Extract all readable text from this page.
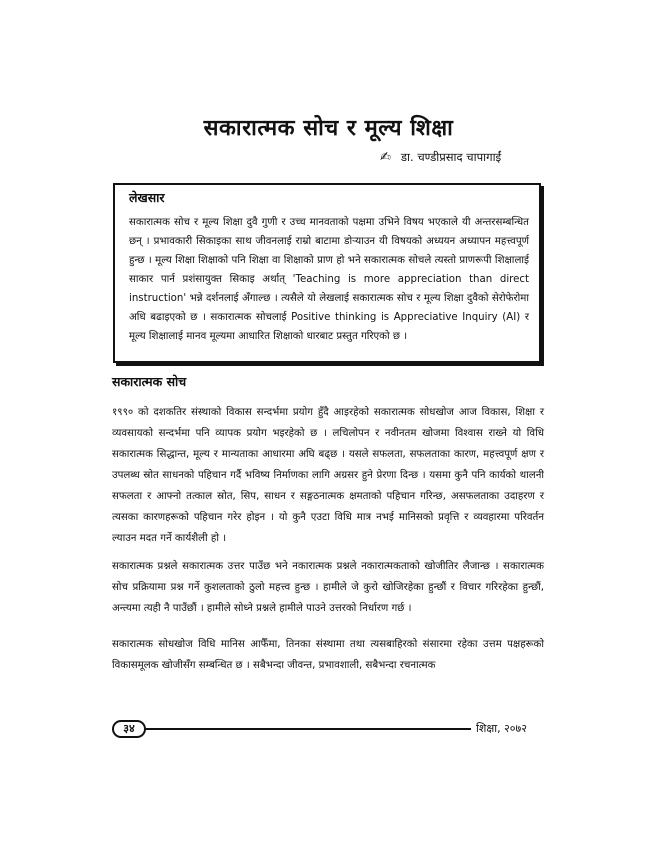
सकारात्मक सोच र मूल्य शिक्षा
✍ डा. चण्डीप्रसाद चापागाईं
लेखसार

सकारात्मक सोच र मूल्य शिक्षा दुवै गुणी र उच्च मानवताको पक्षमा उभिने विषय भएकाले यी अन्तरसम्बन्धित छन् । प्रभावकारी सिकाइका साथ जीवनलाई राम्रो बाटामा डोऱ्याउन यी विषयको अध्ययन अध्यापन महत्त्वपूर्ण हुन्छ । मूल्य शिक्षा शिक्षाको पनि शिक्षा वा शिक्षाको प्राण हो भने सकारात्मक सोचले त्यस्तो प्राणरूपी शिक्षालाई साकार पार्न प्रशंसायुक्त सिकाइ अर्थात् 'Teaching is more appreciation than direct instruction' भन्ने दर्शनलाई अँगाल्छ । त्यसैले यो लेखलाई सकारात्मक सोच र मूल्य शिक्षा दुवैको सेरोफेरोमा अधि बढाइएको छ । सकारात्मक सोचलाई Positive thinking is Appreciative Inquiry (AI) र मूल्य शिक्षालाई मानव मूल्यमा आधारित शिक्षाको धारबाट प्रस्तुत गरिएको छ ।

सकारात्मक सोच

१९९० को दशकतिर संस्थाको विकास सन्दर्भमा प्रयोग हुँदै आइरहेको सकारात्मक सोधखोज आज विकास, शिक्षा र व्यवसायको सन्दर्भमा पनि व्यापक प्रयोग भइरहेको छ । लचिलोपन र नवीनतम खोजमा विश्वास राख्ने यो विधि सकारात्मक सिद्धान्त, मूल्य र मान्यताका आधारमा अघि बढ्छ । यसले सफलता, सफलताका कारण, महत्त्वपूर्ण क्षण र उपलब्ध स्रोत साधनको पहिचान गर्दै भविष्य निर्माणका लागि अग्रसर हुने प्रेरणा दिन्छ । यसमा कुनै पनि कार्यको थालनी सफलता र आफ्नो तत्काल स्रोत, सिप, साधन र सङ्गठनात्मक क्षमताको पहिचान गरिन्छ, असफलताका उदाहरण र त्यसका कारणहरूको पहिचान गरेर होइन । यो कुनै एउटा विधि मात्र नभई मानिसको प्रवृत्ति र व्यवहारमा परिवर्तन ल्याउन मदत गर्ने कार्यशैली हो ।

सकारात्मक प्रश्नले सकारात्मक उत्तर पाउँछ भने नकारात्मक प्रश्नले नकारात्मकताको खोजीतिर लैजान्छ । सकारात्मक सोच प्रक्रियामा प्रश्न गर्ने कुशलताको ठुलो महत्त्व हुन्छ । हामीले जे कुरो खोजिरहेका हुन्छौं र विचार गरिरहेका हुन्छौं, अन्त्यमा त्यही नै पाउँछौं । हामीले सोध्ने प्रश्नले हामीले पाउने उत्तरको निर्धारण गर्छ ।

सकारात्मक सोधखोज विधि मानिस आफैँमा, तिनका संस्थामा तथा त्यसबाहिरको संसारमा रहेका उत्तम पक्षहरूको विकासमूलक खोजीसँग सम्बन्धित छ । सबैभन्दा जीवन्त, प्रभावशाली, सबैभन्दा रचनात्मक

३४	शिक्षा, २०७२
